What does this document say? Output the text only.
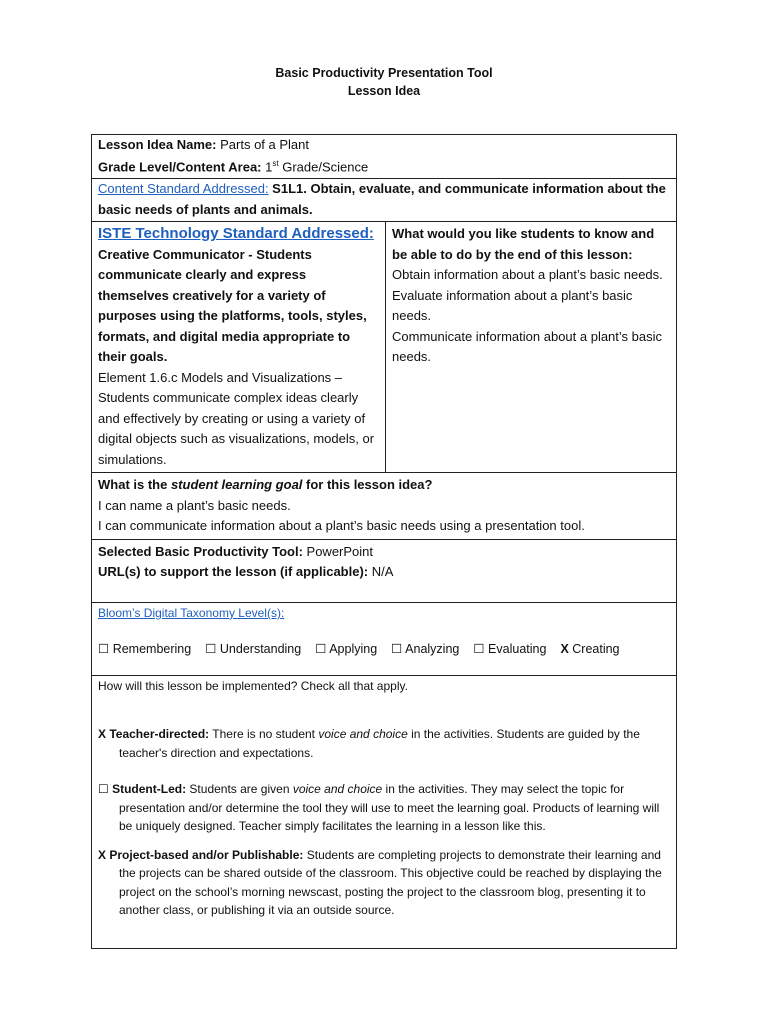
Basic Productivity Presentation Tool
Lesson Idea
Lesson Idea Name: Parts of a Plant
Grade Level/Content Area: 1st Grade/Science
Content Standard Addressed: S1L1. Obtain, evaluate, and communicate information about the basic needs of plants and animals.
ISTE Technology Standard Addressed:
Creative Communicator - Students communicate clearly and express themselves creatively for a variety of purposes using the platforms, tools, styles, formats, and digital media appropriate to their goals.
Element 1.6.c Models and Visualizations – Students communicate complex ideas clearly and effectively by creating or using a variety of digital objects such as visualizations, models, or simulations.
What would you like students to know and be able to do by the end of this lesson:
Obtain information about a plant’s basic needs.
Evaluate information about a plant’s basic needs.
Communicate information about a plant’s basic needs.
What is the student learning goal for this lesson idea?
I can name a plant’s basic needs.
I can communicate information about a plant’s basic needs using a presentation tool.
Selected Basic Productivity Tool: PowerPoint
URL(s) to support the lesson (if applicable): N/A
Bloom’s Digital Taxonomy Level(s):
☐ Remembering ☐ Understanding ☐ Applying ☐ Analyzing ☐ Evaluating X Creating
How will this lesson be implemented? Check all that apply.
X Teacher-directed: There is no student voice and choice in the activities. Students are guided by the teacher's direction and expectations.
☐ Student-Led: Students are given voice and choice in the activities. They may select the topic for presentation and/or determine the tool they will use to meet the learning goal. Products of learning will be uniquely designed. Teacher simply facilitates the learning in a lesson like this.
X Project-based and/or Publishable: Students are completing projects to demonstrate their learning and the projects can be shared outside of the classroom. This objective could be reached by displaying the project on the school’s morning newscast, posting the project to the classroom blog, presenting it to another class, or publishing it via an outside source.
